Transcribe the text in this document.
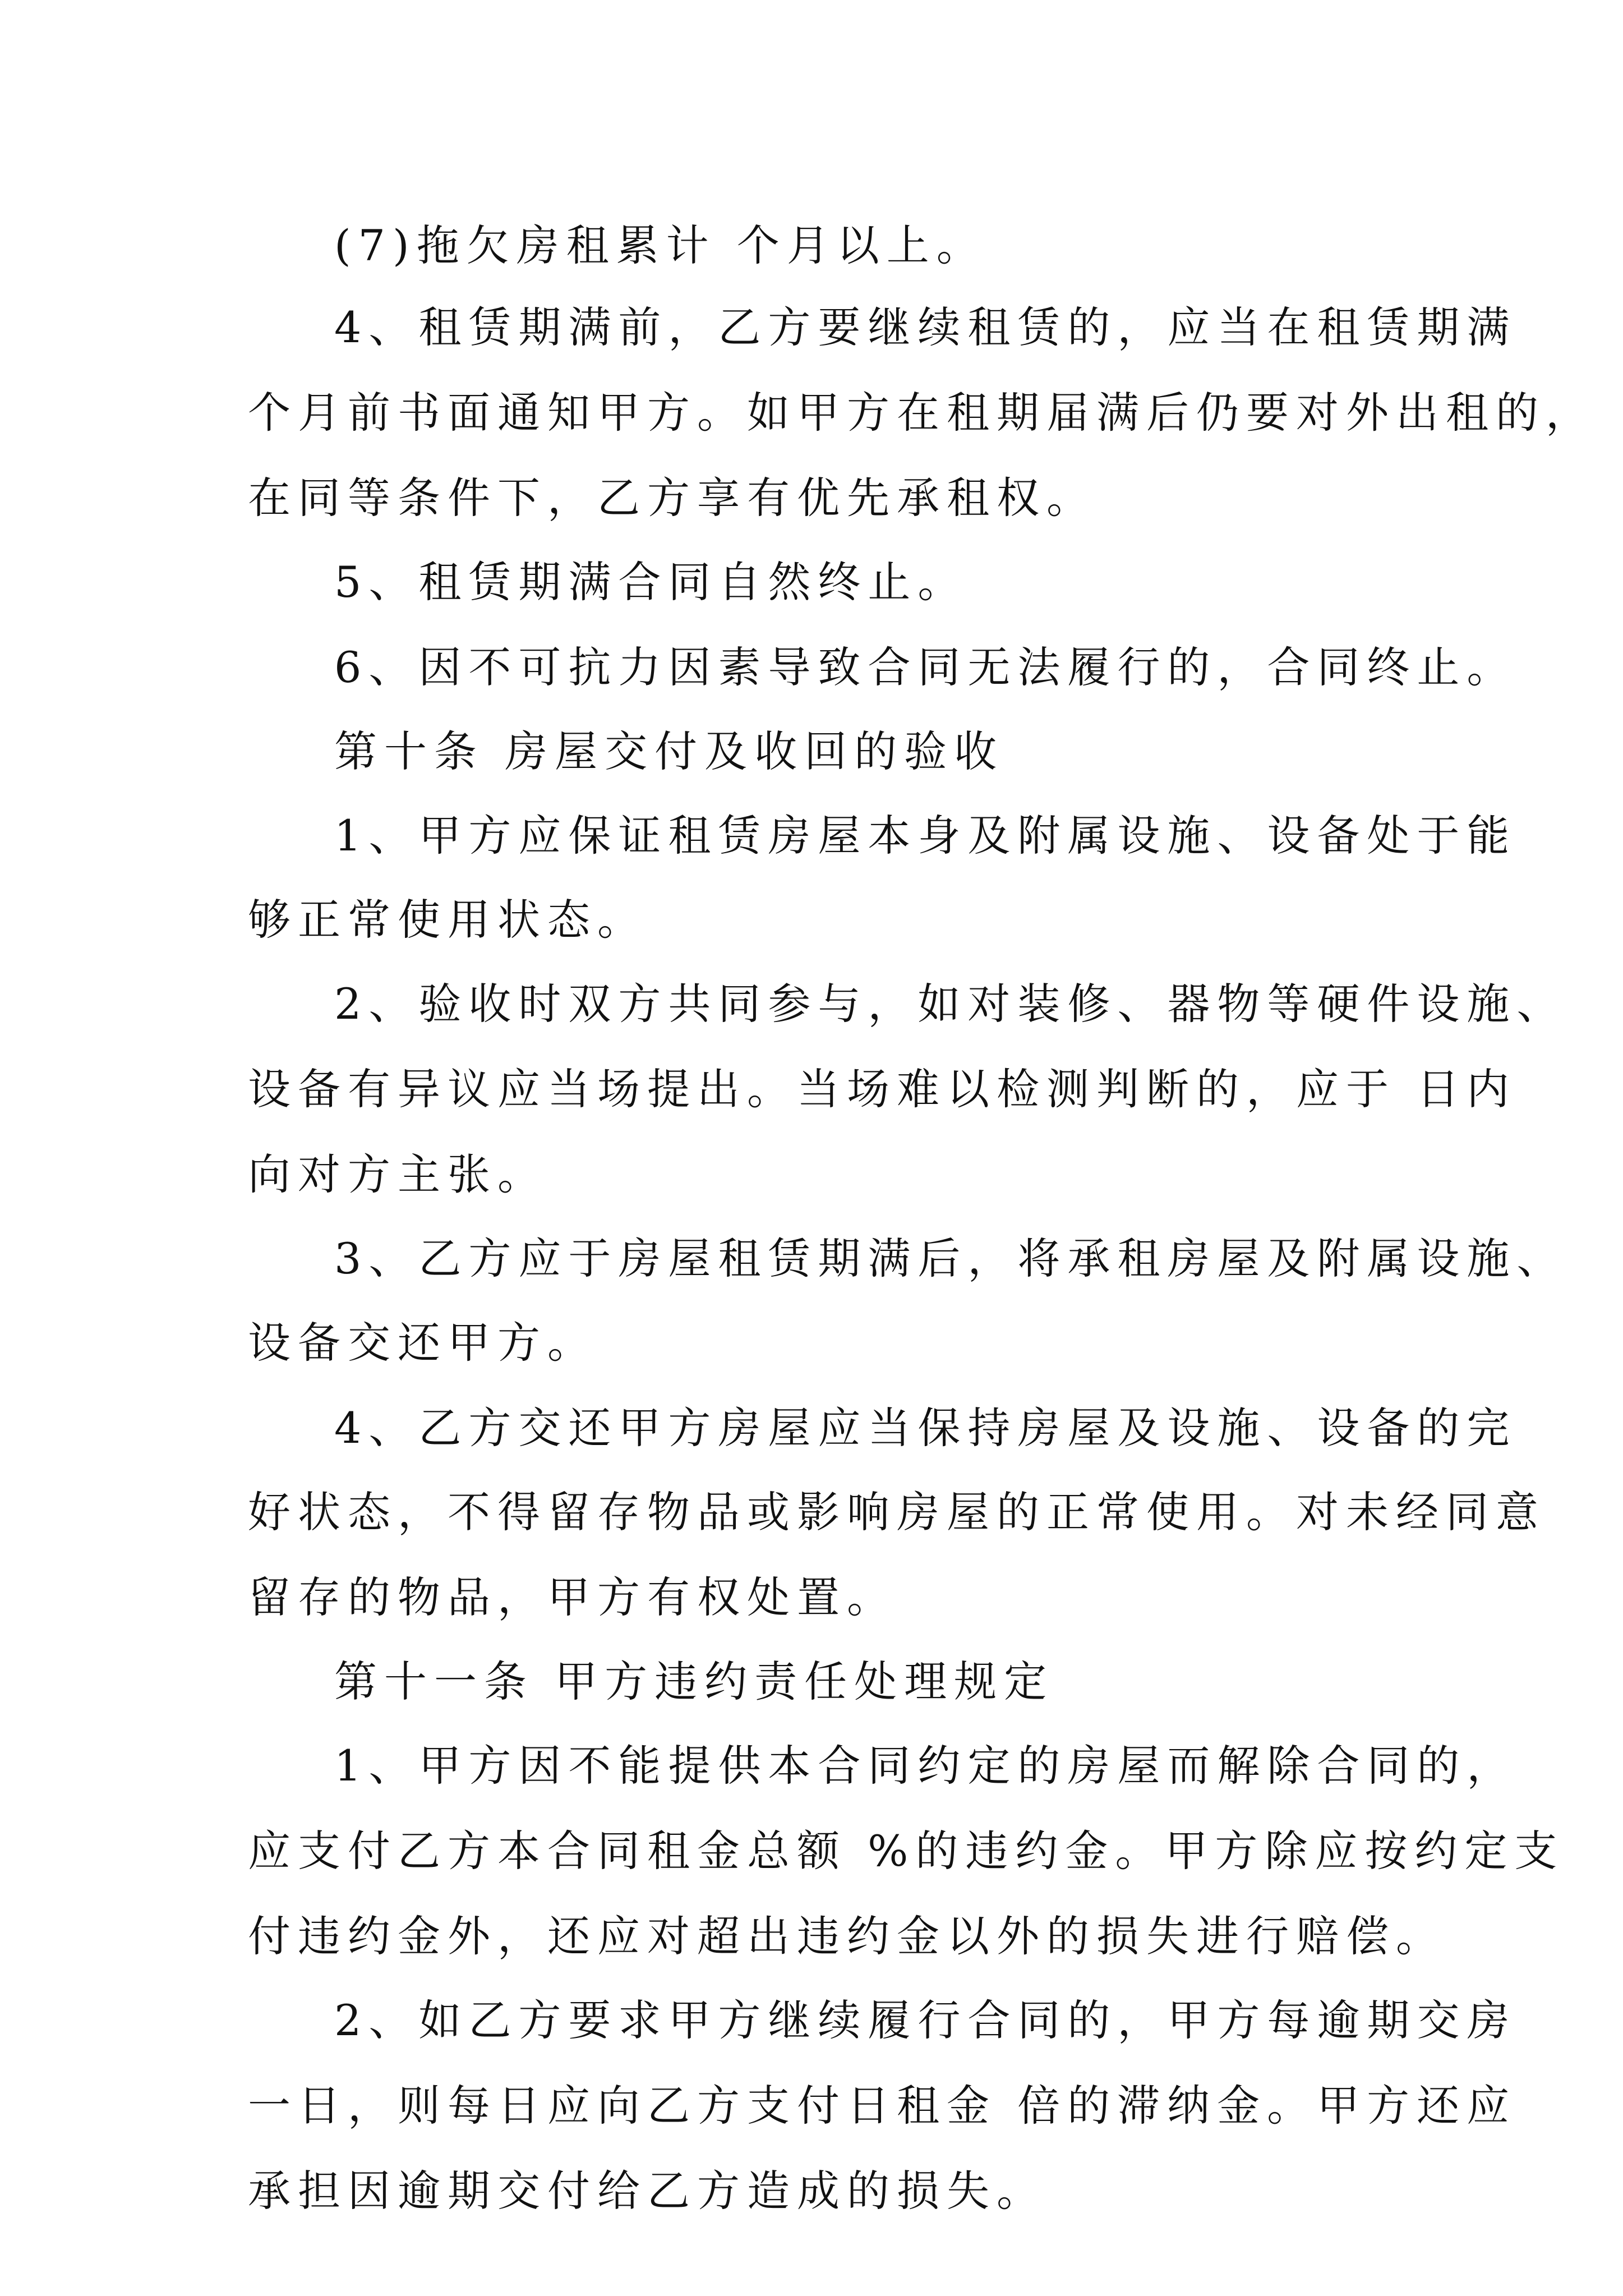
(7)拖欠房租累计 个月以上。
4、租赁期满前，乙方要继续租赁的，应当在租赁期满
个月前书面通知甲方。如甲方在租期届满后仍要对外出租的，
在同等条件下，乙方享有优先承租权。
5、租赁期满合同自然终止。
6、因不可抗力因素导致合同无法履行的，合同终止。
第十条 房屋交付及收回的验收
1、甲方应保证租赁房屋本身及附属设施、设备处于能
够正常使用状态。
2、验收时双方共同参与，如对装修、器物等硬件设施、
设备有异议应当场提出。当场难以检测判断的，应于 日内
向对方主张。
3、乙方应于房屋租赁期满后，将承租房屋及附属设施、
设备交还甲方。
4、乙方交还甲方房屋应当保持房屋及设施、设备的完
好状态，不得留存物品或影响房屋的正常使用。对未经同意
留存的物品，甲方有权处置。
第十一条 甲方违约责任处理规定
1、甲方因不能提供本合同约定的房屋而解除合同的，
应支付乙方本合同租金总额 %的违约金。甲方除应按约定支
付违约金外，还应对超出违约金以外的损失进行赔偿。
2、如乙方要求甲方继续履行合同的，甲方每逾期交房
一日，则每日应向乙方支付日租金 倍的滞纳金。甲方还应
承担因逾期交付给乙方造成的损失。
